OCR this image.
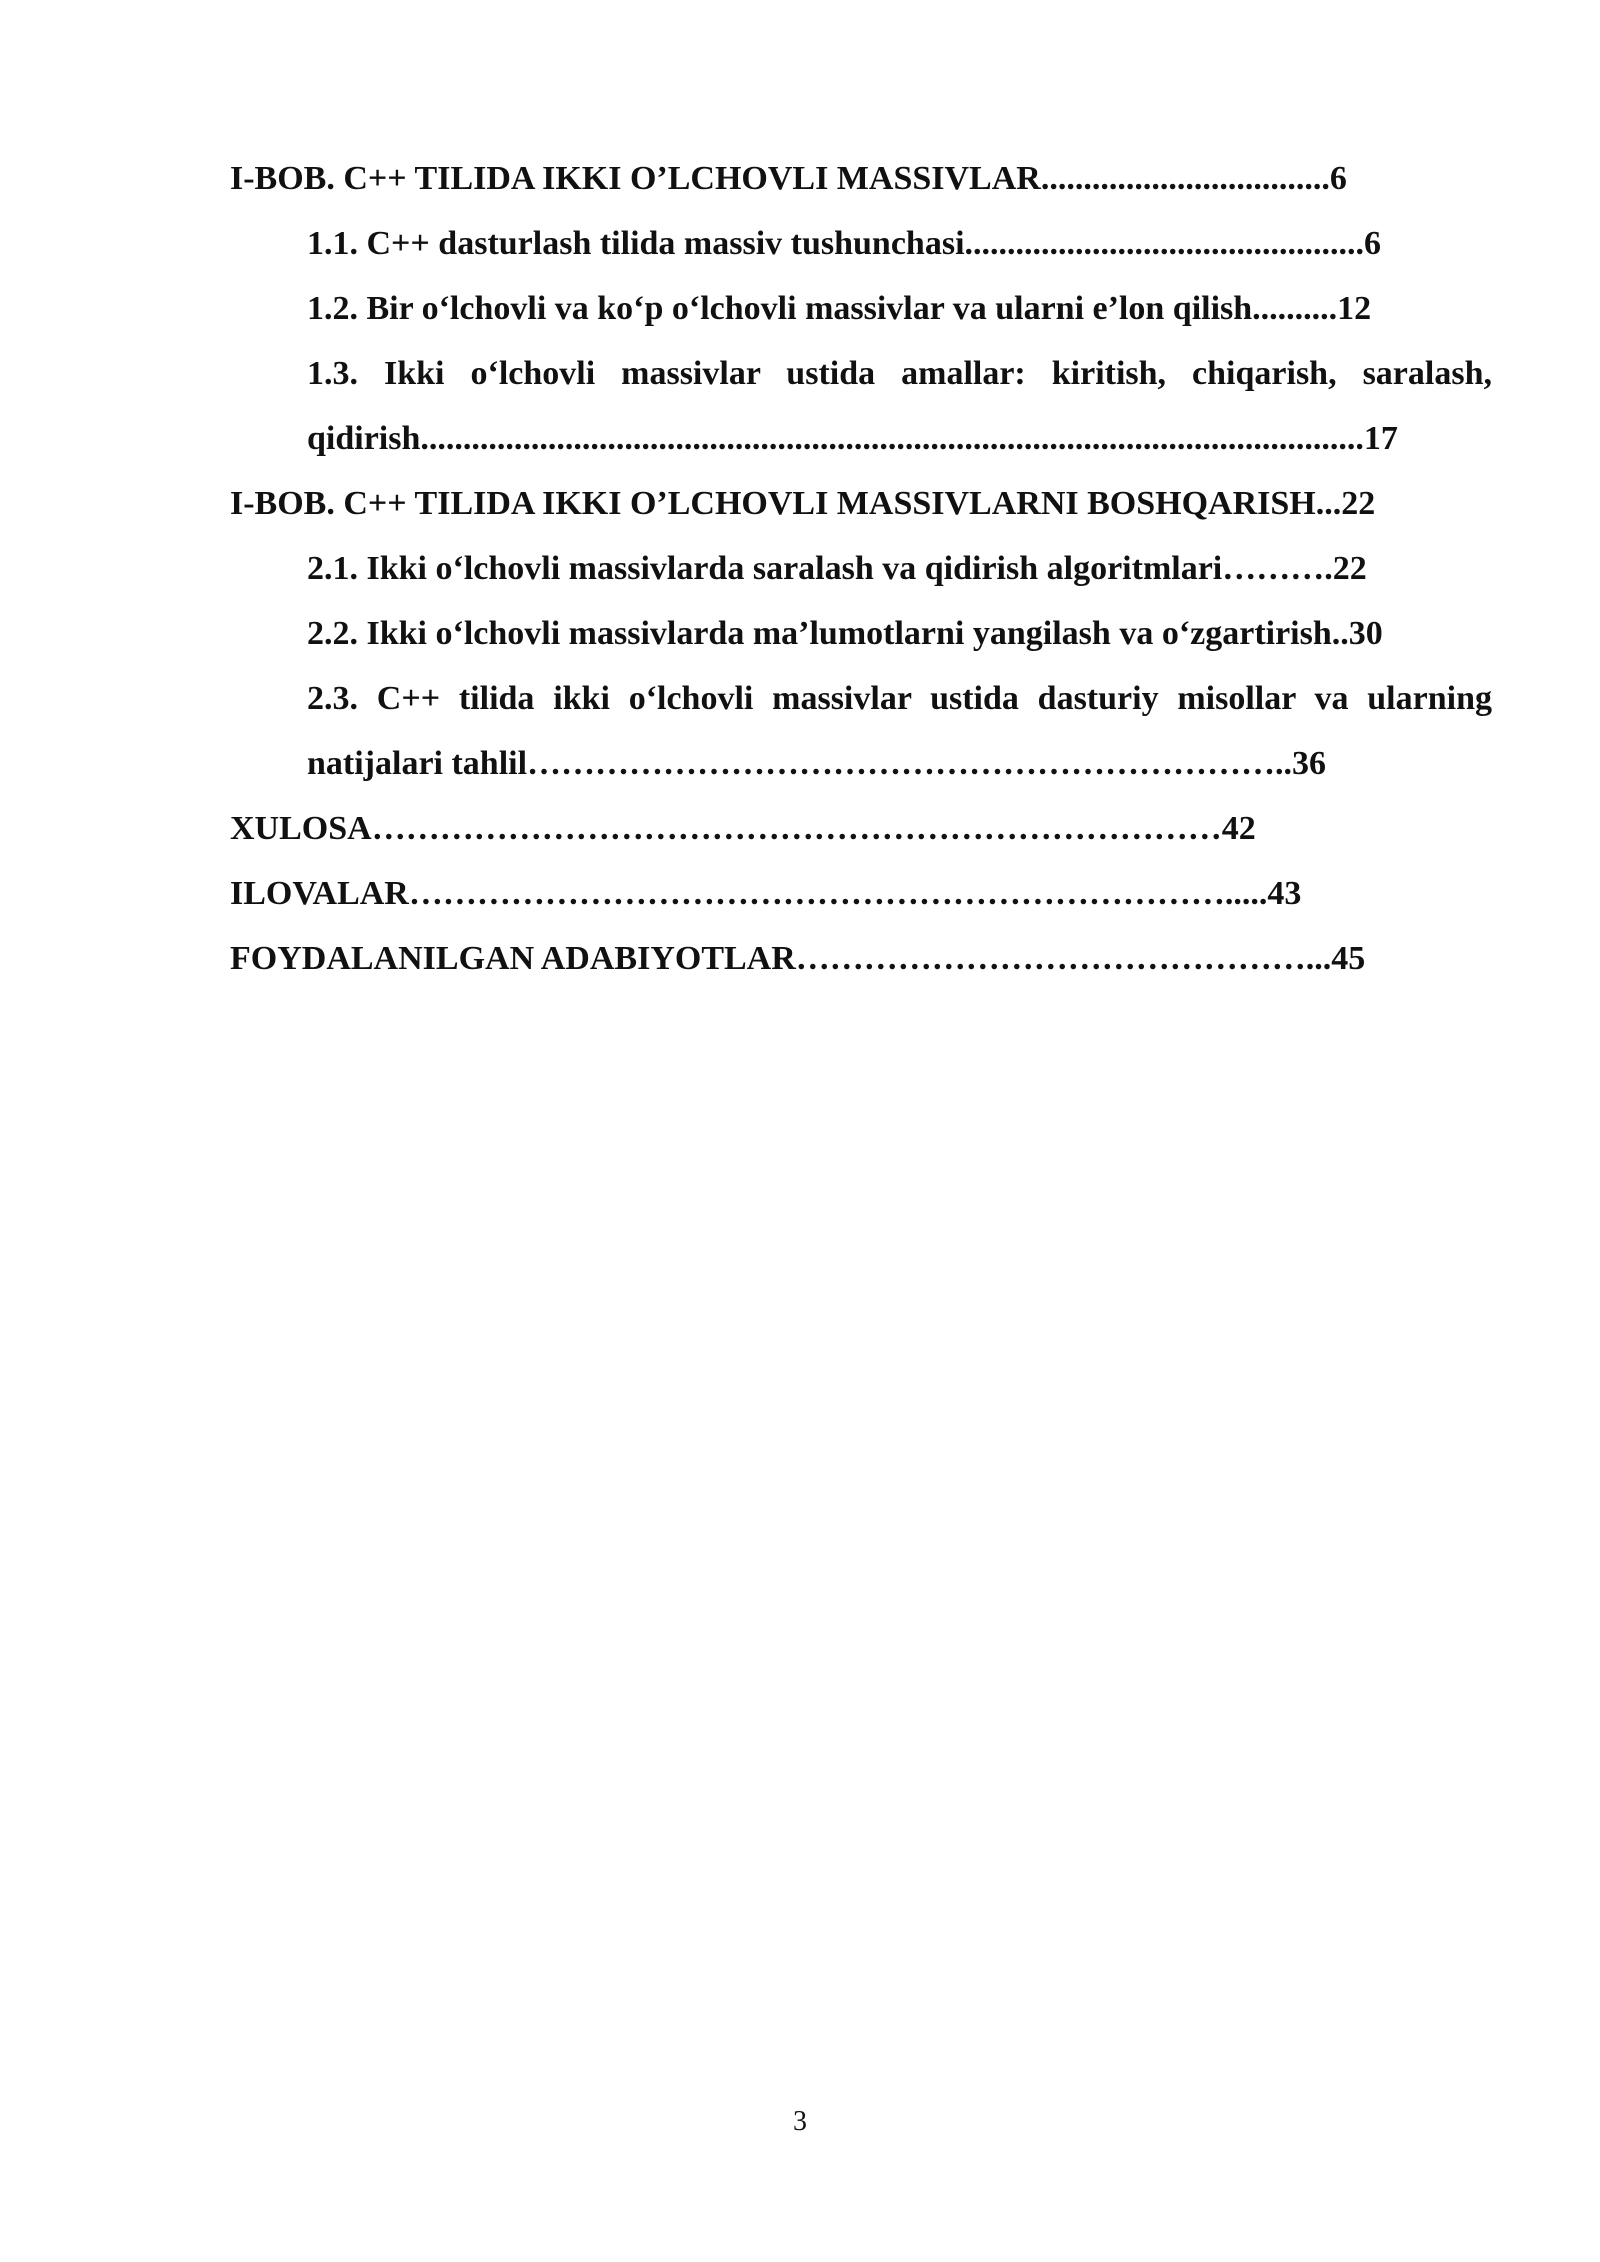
I-BOB. C++ TILIDA IKKI O’LCHOVLI MASSIVLAR..................................6

1.1. C++ dasturlash tilida massiv tushunchasi...............................................6

1.2. Bir oʻlchovli va koʻp oʻlchovli massivlar va ularni e’lon qilish..........12

1.3. Ikki oʻlchovli massivlar ustida amallar: kiritish, chiqarish, saralash, qidirish...............................................................................................................17

I-BOB. C++ TILIDA IKKI O’LCHOVLI MASSIVLARNI BOSHQARISH...22

2.1. Ikki oʻlchovli massivlarda saralash va qidirish algoritmlari……….22

2.2. Ikki oʻlchovli massivlarda ma’lumotlarni yangilash va oʻzgartirish..30

2.3. C++ tilida ikki oʻlchovli massivlar ustida dasturiy misollar va ularning natijalari tahlil…………………………………………………………..36

XULOSA…………………………………………………………………42

ILOVALAR……………………………………………………………….....43

FOYDALANILGAN ADABIYOTLAR………………………………………...45

3
